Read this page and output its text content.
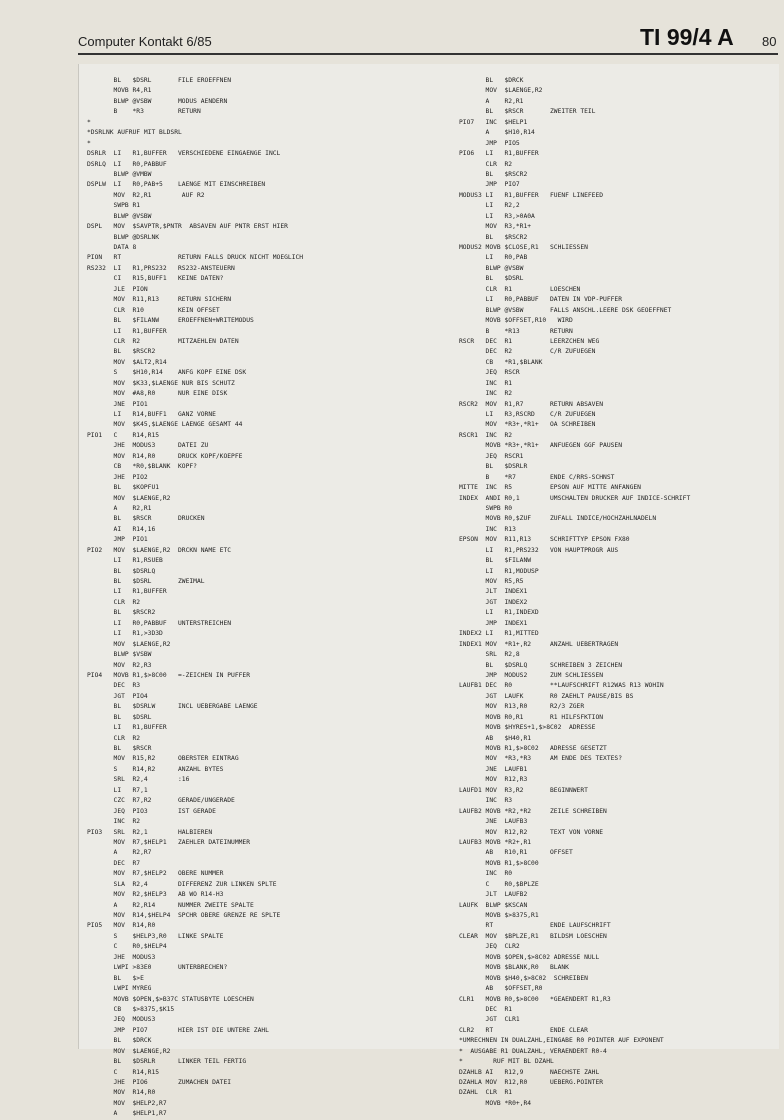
Computer Kontakt 6/85	TI 99/4 A 80
BL   $DSRL       FILE EROEFFNEN
MOVB R4,R1
BLWP @VSBW       MODUS AENDERN
B    *R3         RETURN
*
*DSRLNK AUFRUF MIT BLDSRL
*
DSRLR  LI   R1,BUFFER   VERSCHIEDENE EINGAENGE INCL
DSRLQ  LI   R0,PABBUF
BLWP @VMBW
DSPLW  LI   R0,PAB+5    LAENGE MIT EINSCHREIBEN
MOV  R2,R1        AUF R2
SWPB R1
BLWP @VSBW
DSPL   MOV  $SAVPTR,$PNTR  ABSAVEN AUF PNTR ERST HIER
BLWP @DSRLNK
DATA 8
PION   RT               RETURN FALLS DRUCK NICHT MOEGLICH
RS232  LI   R1,PRS232   RS232-ANSTEUERN
CI   R15,BUFF1   KEINE DATEN?
JLE  PION
MOV  R11,R13     RETURN SICHERN
CLR  R10         KEIN OFFSET
BL   $FILANW     EROEFFNEN+WRITEMODUS
LI   R1,BUFFER
CLR  R2          MITZAEHLEN DATEN
BL   $RSCR2
MOV  $ALT2,R14
S    $H10,R14    ANFG KOPF EINE DSK
MOV  $K33,$LAENGE NUR BIS SCHUTZ
MOV  #A8,R0      NUR EINE DISK
JNE  PIO1
LI   R14,BUFF1   GANZ VORNE
MOV  $K45,$LAENGE LAENGE GESAMT 44
PIO1   C    R14,R15
JHE  MODUS3      DATEI ZU
MOV  R14,R0      DRUCK KOPF/KOEPFE
CB   *R0,$BLANK  KOPF?
JHE  PIO2
BL   $KOPFU1
MOV  $LAENGE,R2
A    R2,R1
BL   $RSCR       DRUCKEN
AI   R14,16
JMP  PIO1
PIO2   MOV  $LAENGE,R2  DRCKN NAME ETC
LI   R1,RSUEB
BL   $DSRLQ
BL   $DSRL       ZWEIMAL
LI   R1,BUFFER
CLR  R2
BL   $RSCR2
LI   R0,PABBUF   UNTERSTREICHEN
LI   R1,>3D3D
MOV  $LAENGE,R2
BLWP $VSBW
MOV  R2,R3
PIO4   MOVB R1,$>8C00   =-ZEICHEN IN PUFFER
DEC  R3
JGT  PIO4
BL   $DSRLW      INCL UEBERGABE LAENGE
BL   $DSRL
LI   R1,BUFFER
CLR  R2
BL   $RSCR
MOV  R15,R2      OBERSTER EINTRAG
S    R14,R2      ANZAHL BYTES
SRL  R2,4        :16
LI   R7,1
CZC  R7,R2       GERADE/UNGERADE
JEQ  PIO3        IST GERADE
INC  R2
PIO3   SRL  R2,1        HALBIEREN
MOV  R7,$HELP1   ZAEHLER DATEINUMMER
A    R2,R7
DEC  R7
MOV  R7,$HELP2   OBERE NUMMER
SLA  R2,4        DIFFERENZ ZUR LINKEN SPLTE
MOV  R2,$HELP3   AB WO R14-H3
A    R2,R14      NUMMER ZWEITE SPALTE
MOV  R14,$HELP4  SPCHR OBERE GRENZE RE SPLTE
PIO5   MOV  R14,R0
S    $HELP3,R0   LINKE SPALTE
C    R0,$HELP4
JHE  MODUS3
LWPI >83E0       UNTERBRECHEN?
BL   $>E
LWPI MYREG
MOVB $OPEN,$>B37C STATUSBYTE LOESCHEN
CB   $>8375,$K15
JEQ  MODUS3
JMP  PIO7        HIER IST DIE UNTERE ZAHL
BL   $DRCK
MOV  $LAENGE,R2
BL   $DSRLR      LINKER TEIL FERTIG
C    R14,R15
JHE  PIO6        ZUMACHEN DATEI
MOV  R14,R0
MOV  $HELP2,R7
A    $HELP1,R7
BL   $DRCK
MOV  $LAENGE,R2
A    R2,R1
BL   $RSCR       ZWEITER TEIL
PIO7   INC  $HELP1
A    $H10,R14
JMP  PIO5
PIO6   LI   R1,BUFFER
CLR  R2
BL   $RSCR2
JMP  PIO7
MODUS3 LI   R1,BUFFER   FUENF LINEFEED
LI   R2,2
LI   R3,>0A0A
MOV  R3,*R1+
BL   $RSCR2
MODUS2 MOVB $CLOSE,R1   SCHLIESSEN
LI   R0,PAB
BLWP @VSBW
BL   $DSRL
CLR  R1          LOESCHEN
LI   R0,PABBUF   DATEN IN VDP-PUFFER
BLWP @VSBW       FALLS ANSCHL.LEERE DSK GEOEFFNET
MOVB $OFFSET,R10   WIRD
B    *R13        RETURN
RSCR   DEC  R1          LEERZCHEN WEG
DEC  R2          C/R ZUFUEGEN
CB   *R1,$BLANK
JEQ  RSCR
INC  R1
INC  R2
RSCR2  MOV  R1,R7       RETURN ABSAVEN
LI   R3,RSCRD    C/R ZUFUEGEN
MOV  *R3+,*R1+   OA SCHREIBEN
RSCR1  INC  R2
MOVB *R3+,*R1+   ANFUEGEN GGF PAUSEN
JEQ  RSCR1
BL   $DSRLR
B    *R7         ENDE C/RRS-SCHNST
MITTE  INC  R5          EPSON AUF MITTE ANFANGEN
INDEX  ANDI R0,1        UMSCHALTEN DRUCKER AUF INDICE-SCHRIFT
SWPB R0
MOVB R0,$ZUF     ZUFALL INDICE/HOCHZAHLNADELN
INC  R13
EPSON  MOV  R11,R13     SCHRIFTTYP EPSON FX80
LI   R1,PRS232   VON HAUPTPROGR AUS
BL   $FILANW
LI   R1,MODUSP
MOV  R5,R5
JLT  INDEX1
JGT  INDEX2
LI   R1,INDEXD
JMP  INDEX1
INDEX2 LI   R1,MITTED
INDEX1 MOV  *R1+,R2     ANZAHL UEBERTRAGEN
SRL  R2,8
BL   $DSRLQ      SCHREIBEN 3 ZEICHEN
JMP  MODUS2      ZUM SCHLIESSEN
LAUFB1 DEC  R0          **LAUFSCHRIFT R12WAS R13 WOHIN
JGT  LAUFK       R0 ZAEHLT PAUSE/BIS BS
MOV  R13,R0      R2/3 ZGER
MOVB R0,R1       R1 HILFSFKTION
MOVB $HYRES+1,$>8C02  ADRESSE
AB   $H40,R1
MOVB R1,$>8C02   ADRESSE GESETZT
MOV  *R3,*R3     AM ENDE DES TEXTES?
JNE  LAUFB1
MOV  R12,R3
LAUFD1 MOV  R3,R2       BEGINNWERT
INC  R3
LAUFB2 MOVB *R2,*R2     ZEILE SCHREIBEN
JNE  LAUFB3
MOV  R12,R2      TEXT VON VORNE
LAUFB3 MOVB *R2+,R1
AB   R10,R1      OFFSET
MOVB R1,$>8C00
INC  R0
C    R0,$BPLZE
JLT  LAUFB2
LAUFK  BLWP $KSCAN
MOVB $>8375,R1
RT               ENDE LAUFSCHRIFT
CLEAR  MOV  $BPLZE,R1   BILDSM LOESCHEN
JEQ  CLR2
MOVB $OPEN,$>8C02 ADRESSE NULL
MOVB $BLANK,R0   BLANK
MOVB $H40,$>8C02  SCHREIBEN
AB   $OFFSET,R0
CLR1   MOVB R0,$>8C00   *GEAENDERT R1,R3
DEC  R1
JGT  CLR1
CLR2   RT               ENDE CLEAR
*UMRECHNEN IN DUALZAHL,EINGABE R0 POINTER AUF EXPONENT
*  AUSGABE R1 DUALZAHL, VERAENDERT R0-4
*        RUF MIT BL DZAHL
DZAHLB AI   R12,9       NAECHSTE ZAHL
DZAHLA MOV  R12,R0      UEBERG.POINTER
DZAHL  CLR  R1
MOVB *R0+,R4
